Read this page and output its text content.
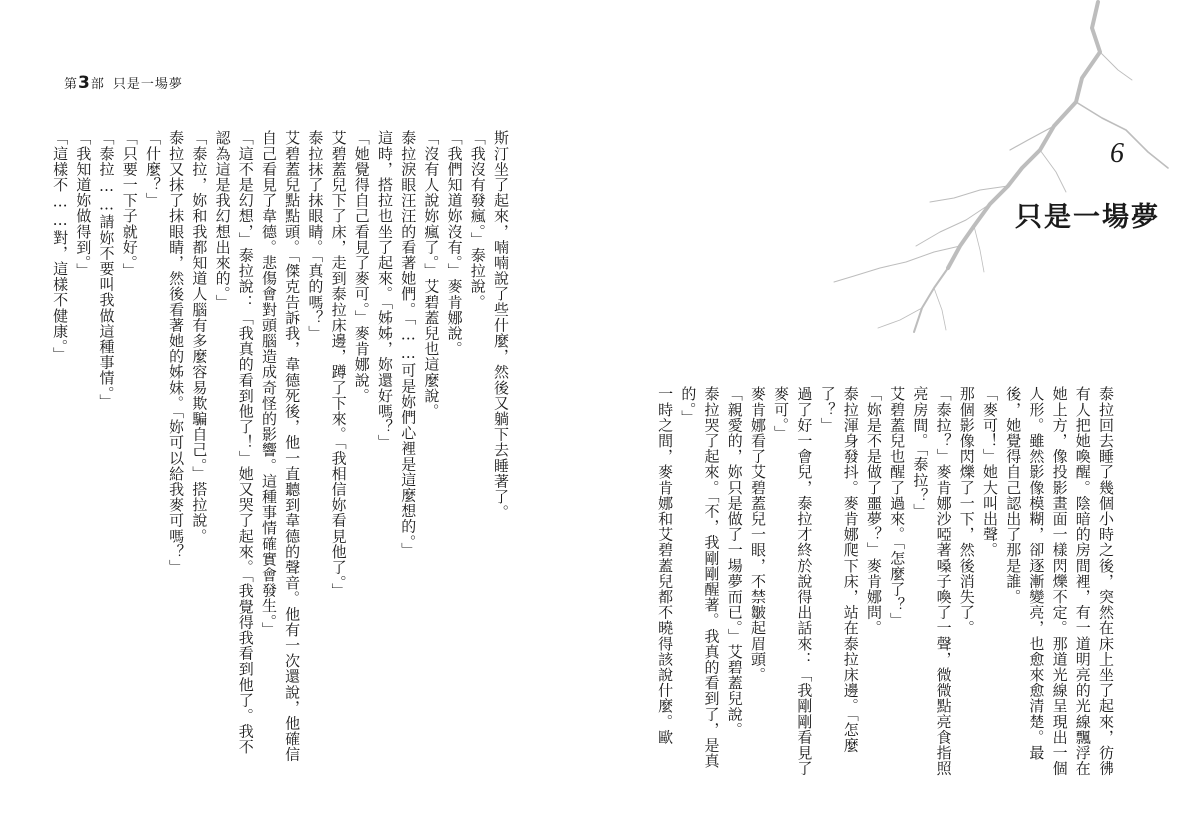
第3部 只是一場夢
斯汀坐了起來，喃喃說了些什麼，然後又躺下去睡著了。
「我沒有發瘋。」泰拉說。
「我們知道妳沒有。」麥肯娜說。
「沒有人說妳瘋了。」艾碧蓋兒也這麼說。
泰拉淚眼汪汪的看著她們。「……可是妳們心裡是這麼想的。」
這時，搭拉也坐了起來。「姊姊，妳還好嗎？」
「她覺得自己看見了麥可。」麥肯娜說。
艾碧蓋兒下了床，走到泰拉床邊，蹲了下來。「我相信妳看見他了。」
泰拉抹了抹眼睛。「真的嗎？」
艾碧蓋兒點點頭。「傑克告訴我，韋德死後，他一直聽到韋德的聲音。他有一次還說，他確信自己看見了韋德。悲傷會對頭腦造成奇怪的影響。這種事情確實會發生。」
「這不是幻想，」泰拉說：「我真的看到他了！」她又哭了起來。「我覺得我看到他了。我不認為這是我幻想出來的。」
「泰拉，妳和我都知道人腦有多麼容易欺騙自己。」搭拉說。
泰拉又抹了抹眼睛，然後看著她的姊妹。「妳可以給我麥可嗎？」
「什麼？」
「只要一下子就好。」
「泰拉……請妳不要叫我做這種事情。」
「我知道妳做得到。」
「這樣不……對，這樣不健康。」	6
只是一場夢
泰拉回去睡了幾個小時之後，突然在床上坐了起來，彷彿有人把她喚醒。陰暗的房間裡，有一道明亮的光線飄浮在她上方，像投影畫面一樣閃爍不定。那道光線呈現出一個人形。雖然影像模糊，卻逐漸變亮，也愈來愈清楚。最後，她覺得自己認出了那是誰。
「麥可！」她大叫出聲。
那個影像閃爍了一下，然後消失了。
「泰拉？」麥肯娜沙啞著嗓子喚了一聲，微微點亮食指照亮房間。「泰拉？」
艾碧蓋兒也醒了過來。「怎麼了？」
「妳是不是做了噩夢？」麥肯娜問。
泰拉渾身發抖。麥肯娜爬下床，站在泰拉床邊。「怎麼了？」
過了好一會兒，泰拉才終於說得出話來：「我剛剛看見了麥可。」
麥肯娜看了艾碧蓋兒一眼，不禁皺起眉頭。
「親愛的，妳只是做了一場夢而已。」艾碧蓋兒說。
泰拉哭了起來。「不，我剛剛醒著。我真的看到了，是真的。」
一時之間，麥肯娜和艾碧蓋兒都不曉得該說什麼。歐
